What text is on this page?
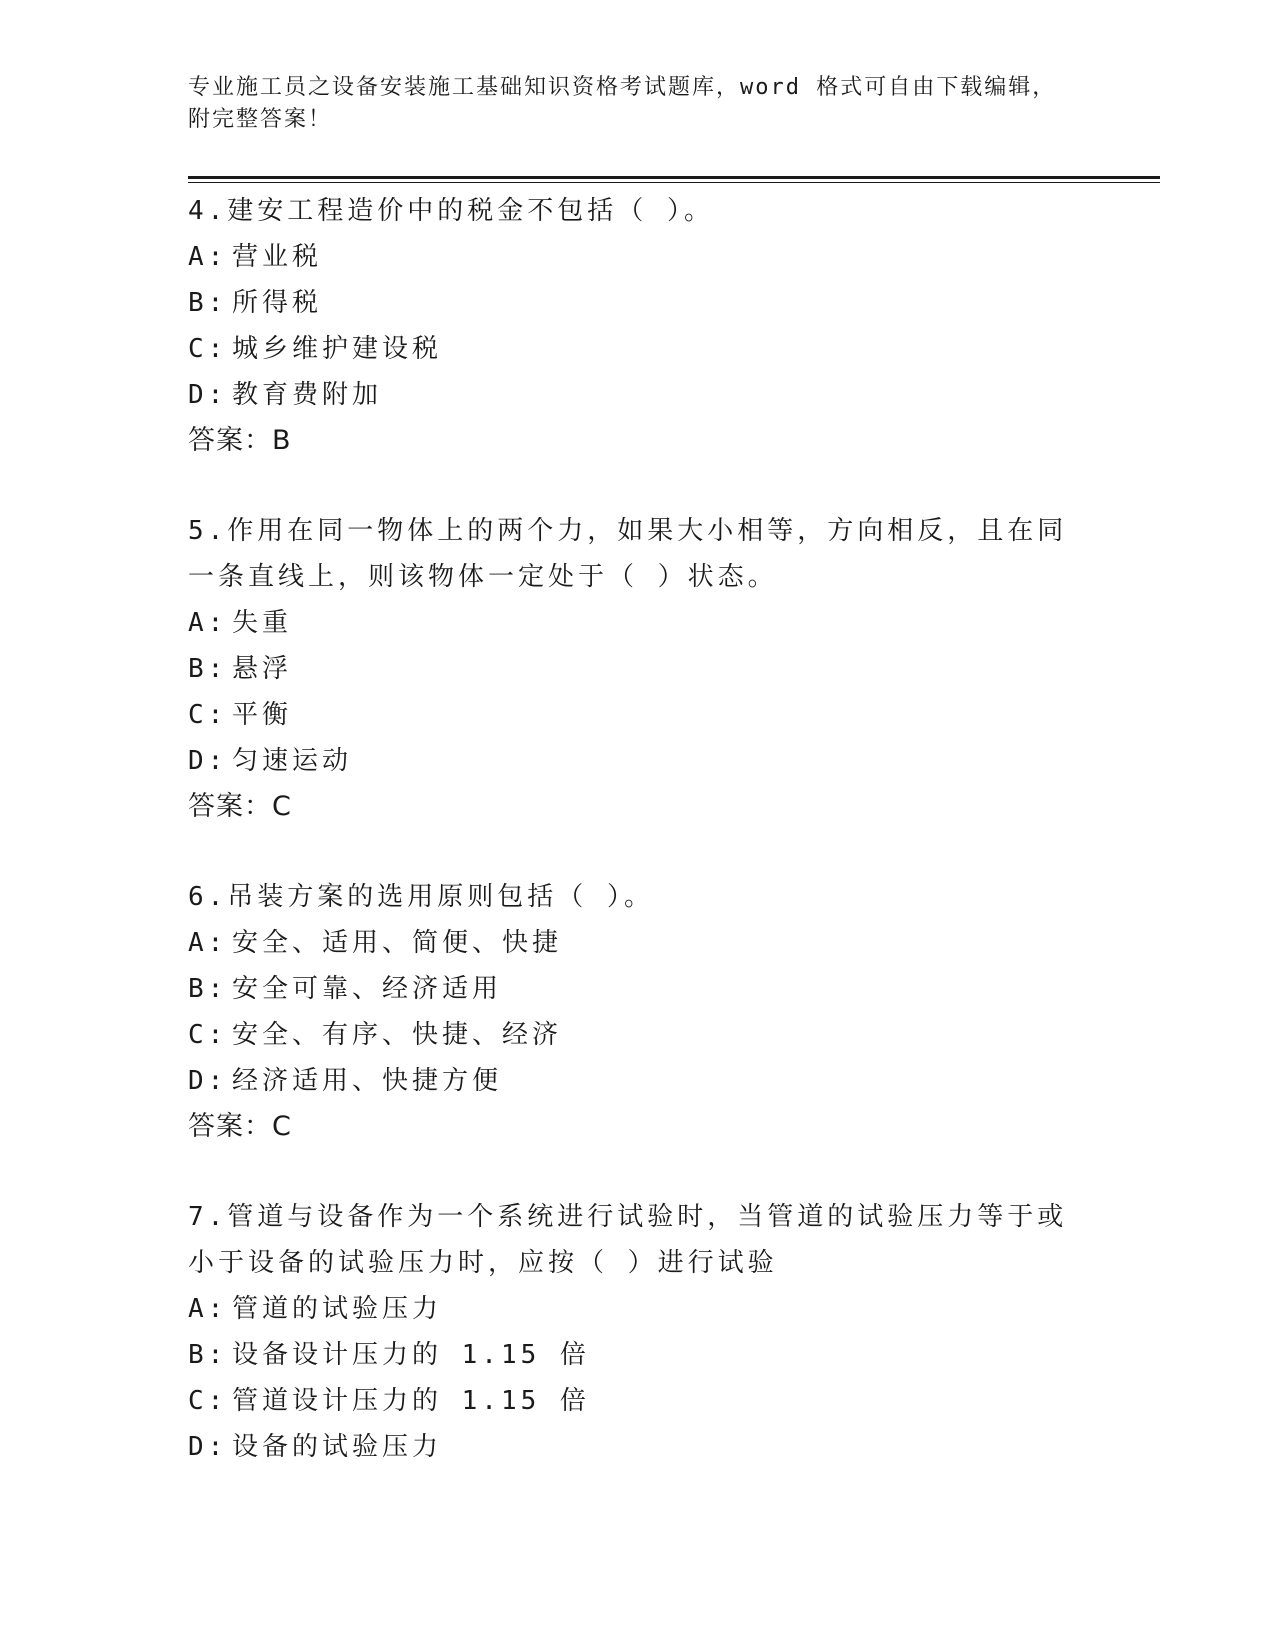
专业施工员之设备安装施工基础知识资格考试题库，word 格式可自由下载编辑，
附完整答案！

4.建安工程造价中的税金不包括（ ）。

A: 营业税
B: 所得税
C: 城乡维护建设税
D: 教育费附加

答案：B

5.作用在同一物体上的两个力，如果大小相等，方向相反，且在同一条直线上，则该物体一定处于（ ）状态。

A: 失重
B: 悬浮
C: 平衡
D: 匀速运动

答案：C

6.吊装方案的选用原则包括（ ）。

A: 安全、适用、简便、快捷
B: 安全可靠、经济适用
C: 安全、有序、快捷、经济
D: 经济适用、快捷方便

答案：C

7.管道与设备作为一个系统进行试验时，当管道的试验压力等于或小于设备的试验压力时，应按（ ）进行试验

A: 管道的试验压力
B: 设备设计压力的 1.15 倍
C: 管道设计压力的 1.15 倍
D: 设备的试验压力
